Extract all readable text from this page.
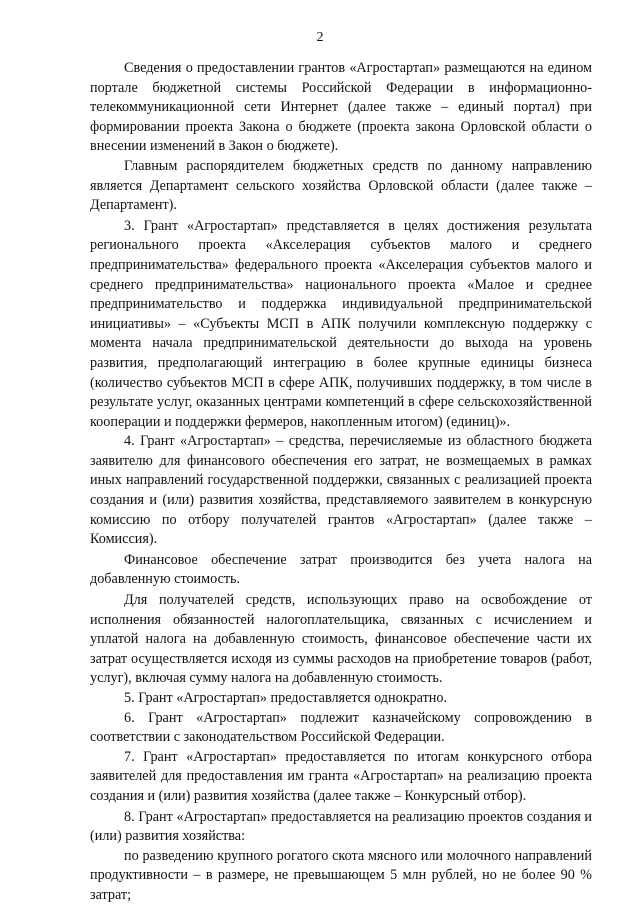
2

Сведения о предоставлении грантов «Агростартап» размещаются на едином портале бюджетной системы Российской Федерации в информационно-телекоммуникационной сети Интернет (далее также – единый портал) при формировании проекта Закона о бюджете (проекта закона Орловской области о внесении изменений в Закон о бюджете).

Главным распорядителем бюджетных средств по данному направлению является Департамент сельского хозяйства Орловской области (далее также – Департамент).

3. Грант «Агростартап» представляется в целях достижения результата регионального проекта «Акселерация субъектов малого и среднего предпринимательства» федерального проекта «Акселерация субъектов малого и среднего предпринимательства» национального проекта «Малое и среднее предпринимательство и поддержка индивидуальной предпринимательской инициативы» – «Субъекты МСП в АПК получили комплексную поддержку с момента начала предпринимательской деятельности до выхода на уровень развития, предполагающий интеграцию в более крупные единицы бизнеса (количество субъектов МСП в сфере АПК, получивших поддержку, в том числе в результате услуг, оказанных центрами компетенций в сфере сельскохозяйственной кооперации и поддержки фермеров, накопленным итогом) (единиц)».

4. Грант «Агростартап» – средства, перечисляемые из областного бюджета заявителю для финансового обеспечения его затрат, не возмещаемых в рамках иных направлений государственной поддержки, связанных с реализацией проекта создания и (или) развития хозяйства, представляемого заявителем в конкурсную комиссию по отбору получателей грантов «Агростартап» (далее также – Комиссия).

Финансовое обеспечение затрат производится без учета налога на добавленную стоимость.

Для получателей средств, использующих право на освобождение от исполнения обязанностей налогоплательщика, связанных с исчислением и уплатой налога на добавленную стоимость, финансовое обеспечение части их затрат осуществляется исходя из суммы расходов на приобретение товаров (работ, услуг), включая сумму налога на добавленную стоимость.

5. Грант «Агростартап» предоставляется однократно.

6. Грант «Агростартап» подлежит казначейскому сопровождению в соответствии с законодательством Российской Федерации.

7. Грант «Агростартап» предоставляется по итогам конкурсного отбора заявителей для предоставления им гранта «Агростартап» на реализацию проекта создания и (или) развития хозяйства (далее также – Конкурсный отбор).

8. Грант «Агростартап» предоставляется на реализацию проектов создания и (или) развития хозяйства:

по разведению крупного рогатого скота мясного или молочного направлений продуктивности – в размере, не превышающем 5 млн рублей, но не более 90 % затрат;
